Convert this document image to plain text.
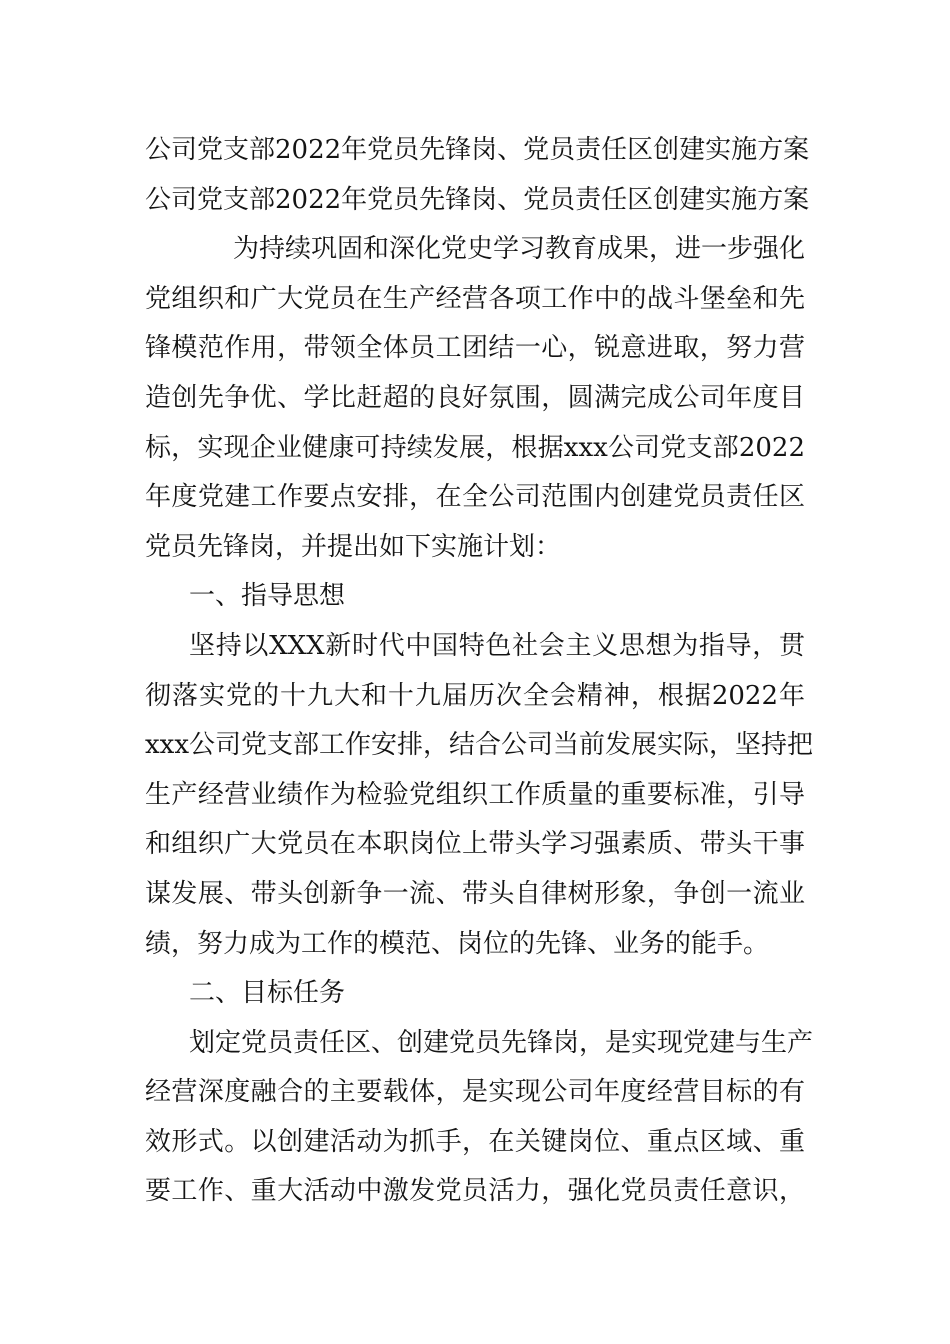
公司党支部2022年党员先锋岗、党员责任区创建实施方案

公司党支部2022年党员先锋岗、党员责任区创建实施方案

为持续巩固和深化党史学习教育成果，进一步强化

党组织和广大党员在生产经营各项工作中的战斗堡垒和先

锋模范作用，带领全体员工团结一心，锐意进取，努力营

造创先争优、学比赶超的良好氛围，圆满完成公司年度目

标，实现企业健康可持续发展，根据xxx公司党支部2022

年度党建工作要点安排，在全公司范围内创建党员责任区

党员先锋岗，并提出如下实施计划：

一、指导思想

坚持以XXX新时代中国特色社会主义思想为指导，贯

彻落实党的十九大和十九届历次全会精神，根据2022年

xxx公司党支部工作安排，结合公司当前发展实际，坚持把

生产经营业绩作为检验党组织工作质量的重要标准，引导

和组织广大党员在本职岗位上带头学习强素质、带头干事

谋发展、带头创新争一流、带头自律树形象，争创一流业

绩，努力成为工作的模范、岗位的先锋、业务的能手。

二、目标任务

划定党员责任区、创建党员先锋岗，是实现党建与生产

经营深度融合的主要载体，是实现公司年度经营目标的有

效形式。以创建活动为抓手，在关键岗位、重点区域、重

要工作、重大活动中激发党员活力，强化党员责任意识，
